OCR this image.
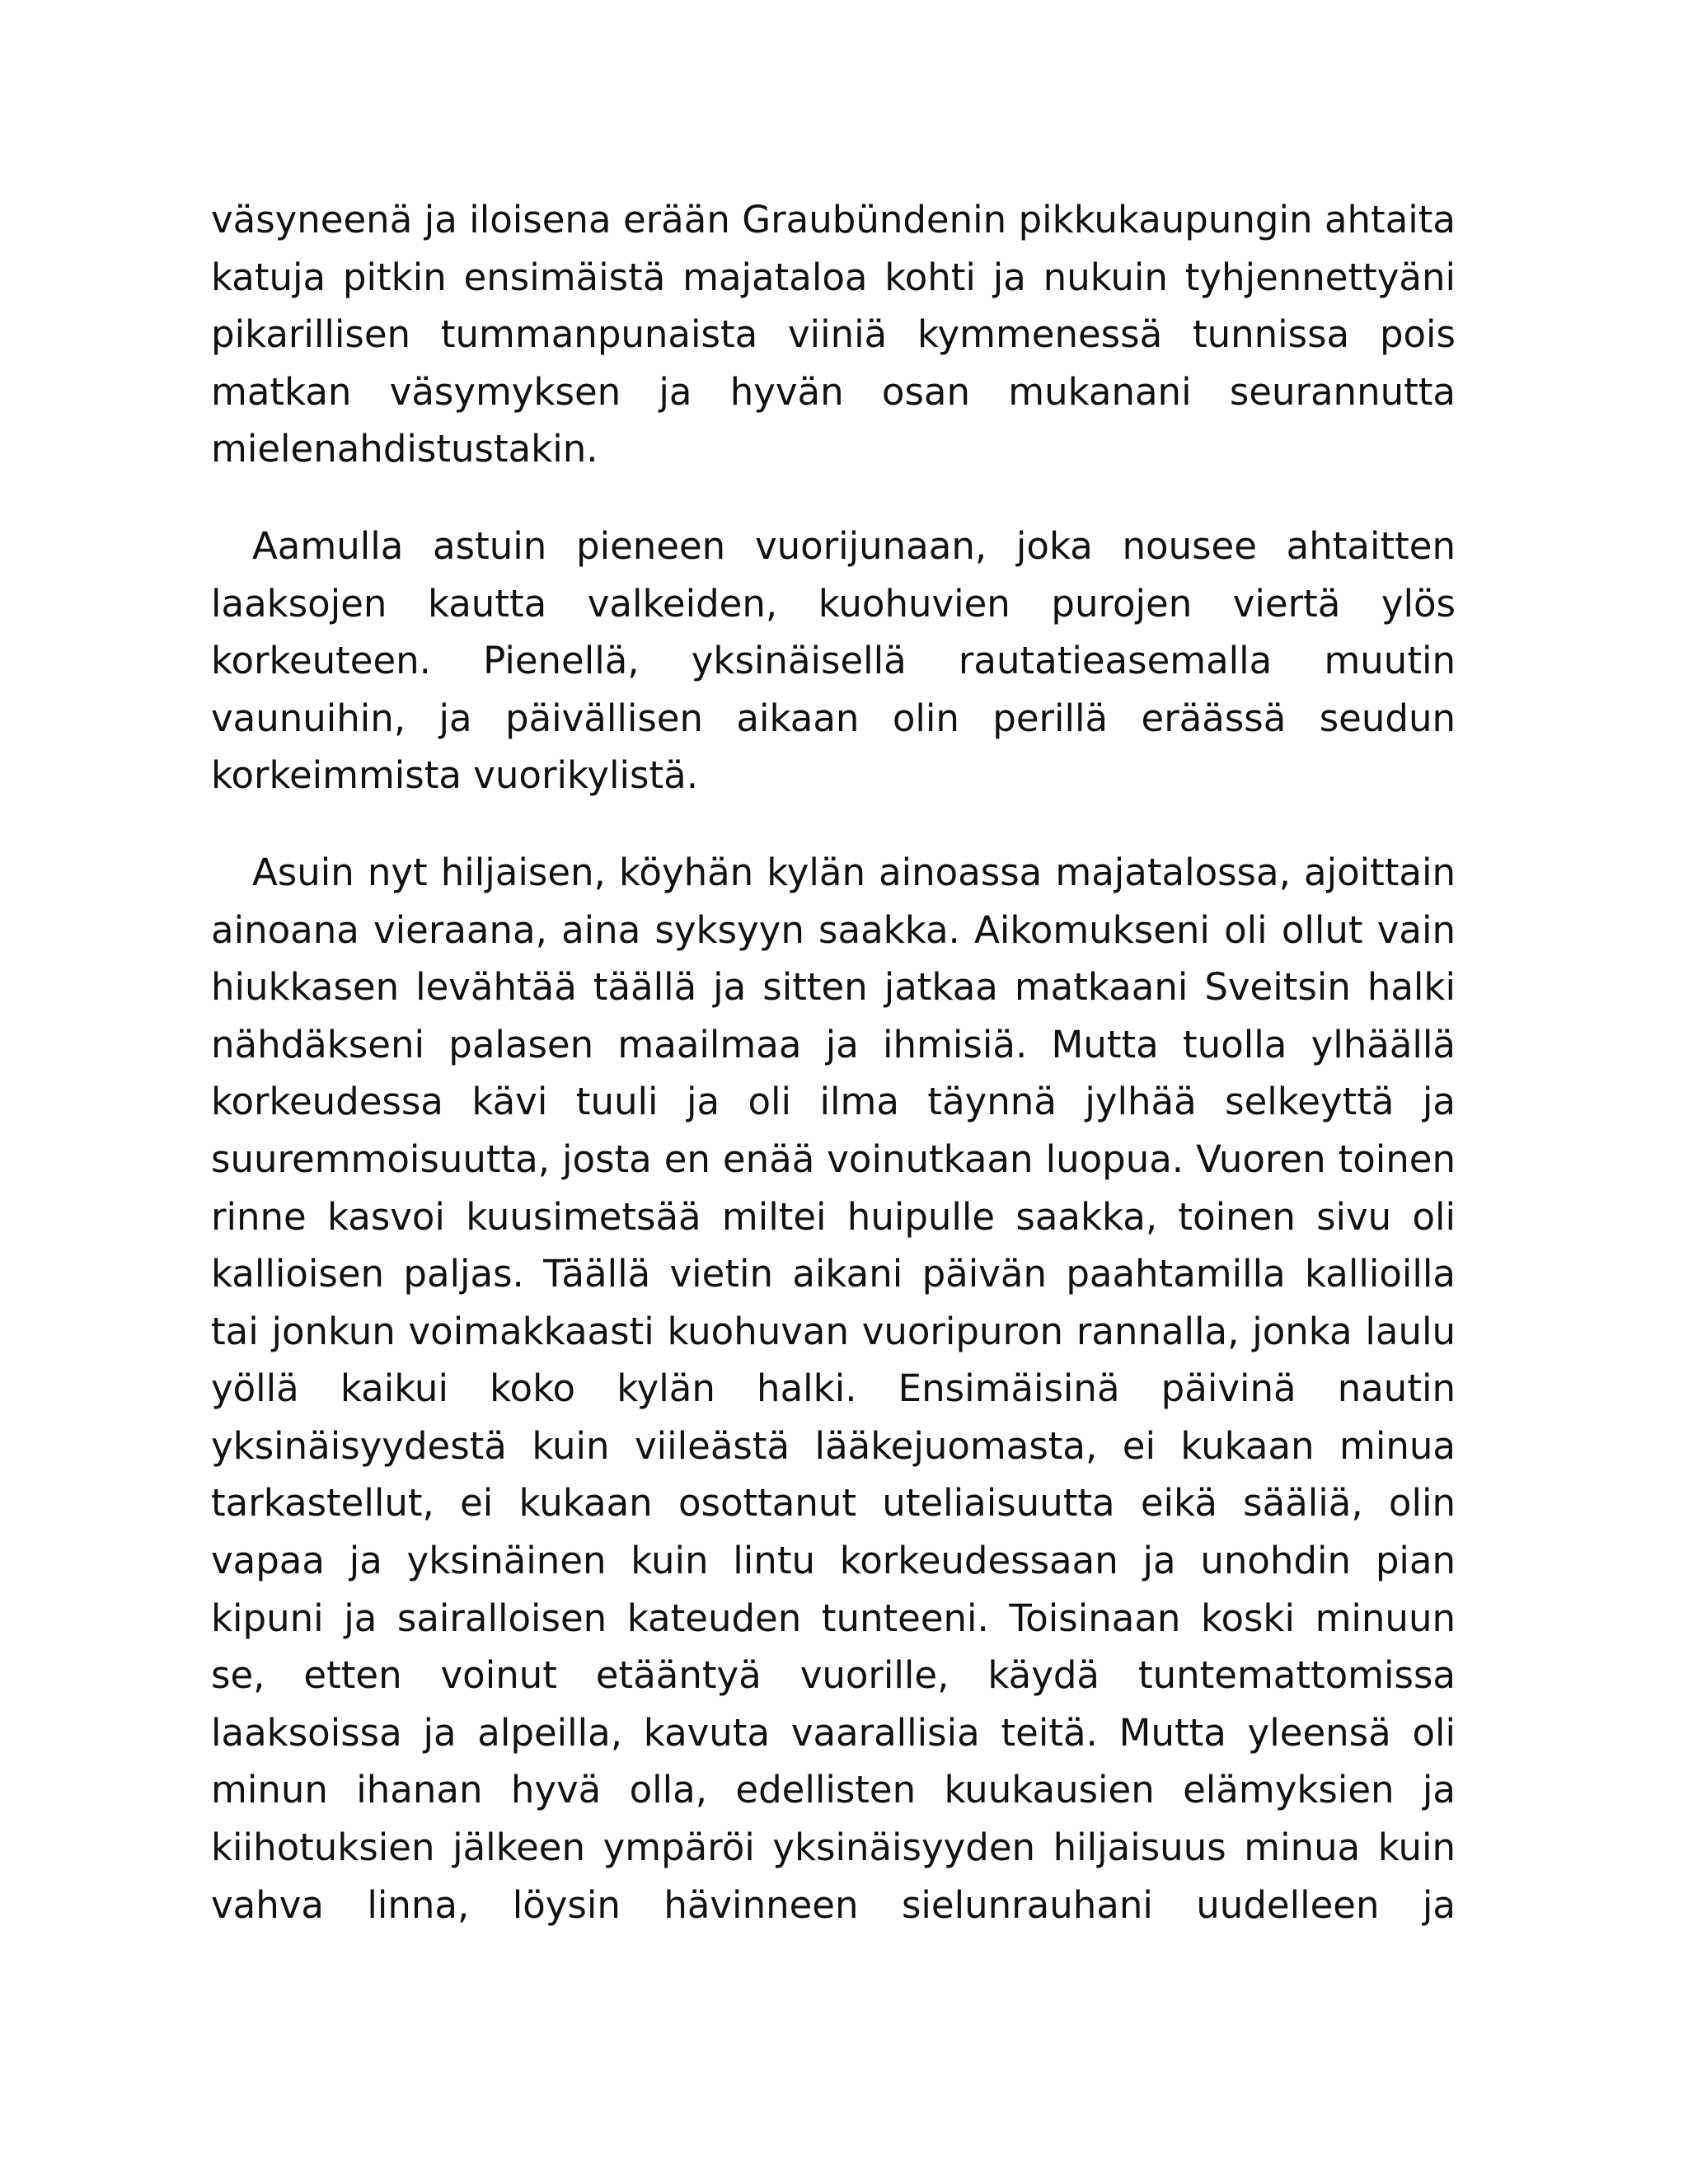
väsyneenä ja iloisena erään Graubündenin pikkukaupungin ahtaita katuja pitkin ensimäistä majataloa kohti ja nukuin tyhjennettyäni pikarillisen tummanpunaista viiniä kymmenessä tunnissa pois matkan väsymyksen ja hyvän osan mukanani seurannutta mielenahdistustakin.

Aamulla astuin pieneen vuorijunaan, joka nousee ahtaitten laaksojen kautta valkeiden, kuohuvien purojen viertä ylös korkeuteen. Pienellä, yksinäisellä rautatieasemalla muutin vaunuihin, ja päivällisen aikaan olin perillä eräässä seudun korkeimmista vuorikylistä.

Asuin nyt hiljaisen, köyhän kylän ainoassa majatalossa, ajoittain ainoana vieraana, aina syksyyn saakka. Aikomukseni oli ollut vain hiukkasen levähtää täällä ja sitten jatkaa matkaani Sveitsin halki nähdäkseni palasen maailmaa ja ihmisiä. Mutta tuolla ylhäällä korkeudessa kävi tuuli ja oli ilma täynnä jylhää selkeyttä ja suuremmoisuutta, josta en enää voinutkaan luopua. Vuoren toinen rinne kasvoi kuusimetsää miltei huipulle saakka, toinen sivu oli kallioisen paljas. Täällä vietin aikani päivän paahtamilla kallioilla tai jonkun voimakkaasti kuohuvan vuoripuron rannalla, jonka laulu yöllä kaikui koko kylän halki. Ensimäisinä päivinä nautin yksinäisyydestä kuin viileästä lääkejuomasta, ei kukaan minua tarkastellut, ei kukaan osottanut uteliaisuutta eikä sääliä, olin vapaa ja yksinäinen kuin lintu korkeudessaan ja unohdin pian kipuni ja sairalloisen kateuden tunteeni. Toisinaan koski minuun se, etten voinut etääntyä vuorille, käydä tuntemattomissa laaksoissa ja alpeilla, kavuta vaarallisia teitä. Mutta yleensä oli minun ihanan hyvä olla, edellisten kuukausien elämyksien ja kiihotuksien jälkeen ympäröi yksinäisyyden hiljaisuus minua kuin vahva linna, löysin hävinneen sielunrauhani uudelleen ja
